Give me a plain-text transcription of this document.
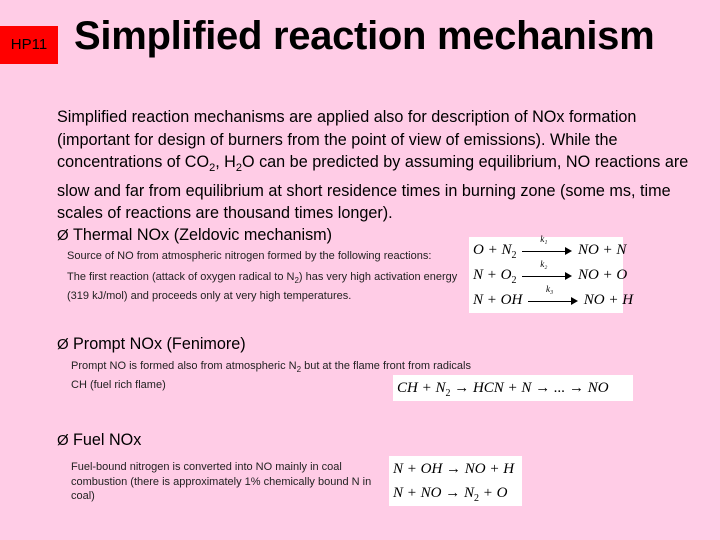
HP11 Simplified reaction mechanism
Simplified reaction mechanisms are applied also for description of NOx formation (important for design of burners from the point of view of emissions). While the concentrations of $CO_2$, $H_2O$ can be predicted by assuming equilibrium, NO reactions are slow and far from equilibrium at short residence times in burning zone (some ms, time scales of reactions are thousand times longer).
Ø Thermal NOx (Zeldovic mechanism)
Source of NO from atmospheric nitrogen formed by the following reactions:
The first reaction (attack of oxygen radical to $N_2$) has very high activation energy (319 kJ/mol) and proceeds only at very high temperatures.
$O + N_2$
k₁
NO + N
$N + O_2$
k₂
NO + O
N + OH
k₃
NO + H
Ø Prompt NOx (Fenimore)
Prompt NO is formed also from atmospheric $N_2$ but at the flame front from radicals CH (fuel rich flame)	CH + $N_2$ → HCN + N → ... → NO
Ø Fuel NOx
Fuel-bound nitrogen is converted into NO mainly in coal combustion (there is approximately 1% chemically bound N in coal)
N + OH → NO + H
N + NO → $N_2 + O$
